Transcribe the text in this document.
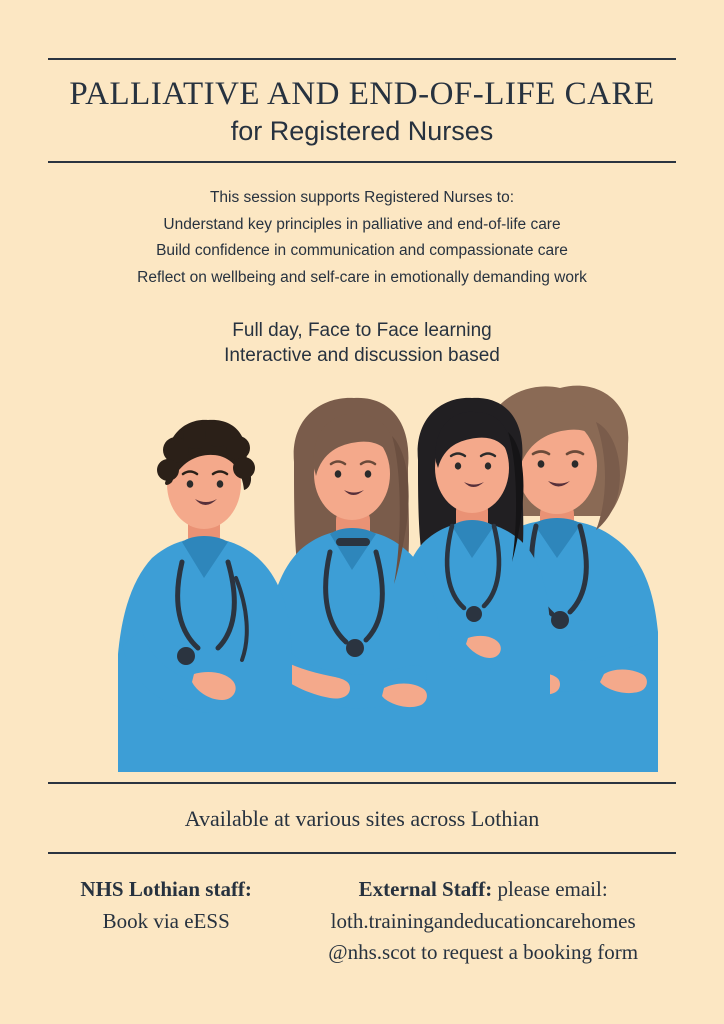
PALLIATIVE AND END-OF-LIFE CARE
for Registered Nurses
This session supports Registered Nurses to:
Understand key principles in palliative and end-of-life care
Build confidence in communication and compassionate care
Reflect on wellbeing and self-care in emotionally demanding work
Full day, Face to Face learning
Interactive and discussion based
Available at various sites across Lothian
NHS Lothian staff:
Book via eESS
External Staff: please email:
loth.trainingandeducationcarehomes
@nhs.scot to request a booking form
